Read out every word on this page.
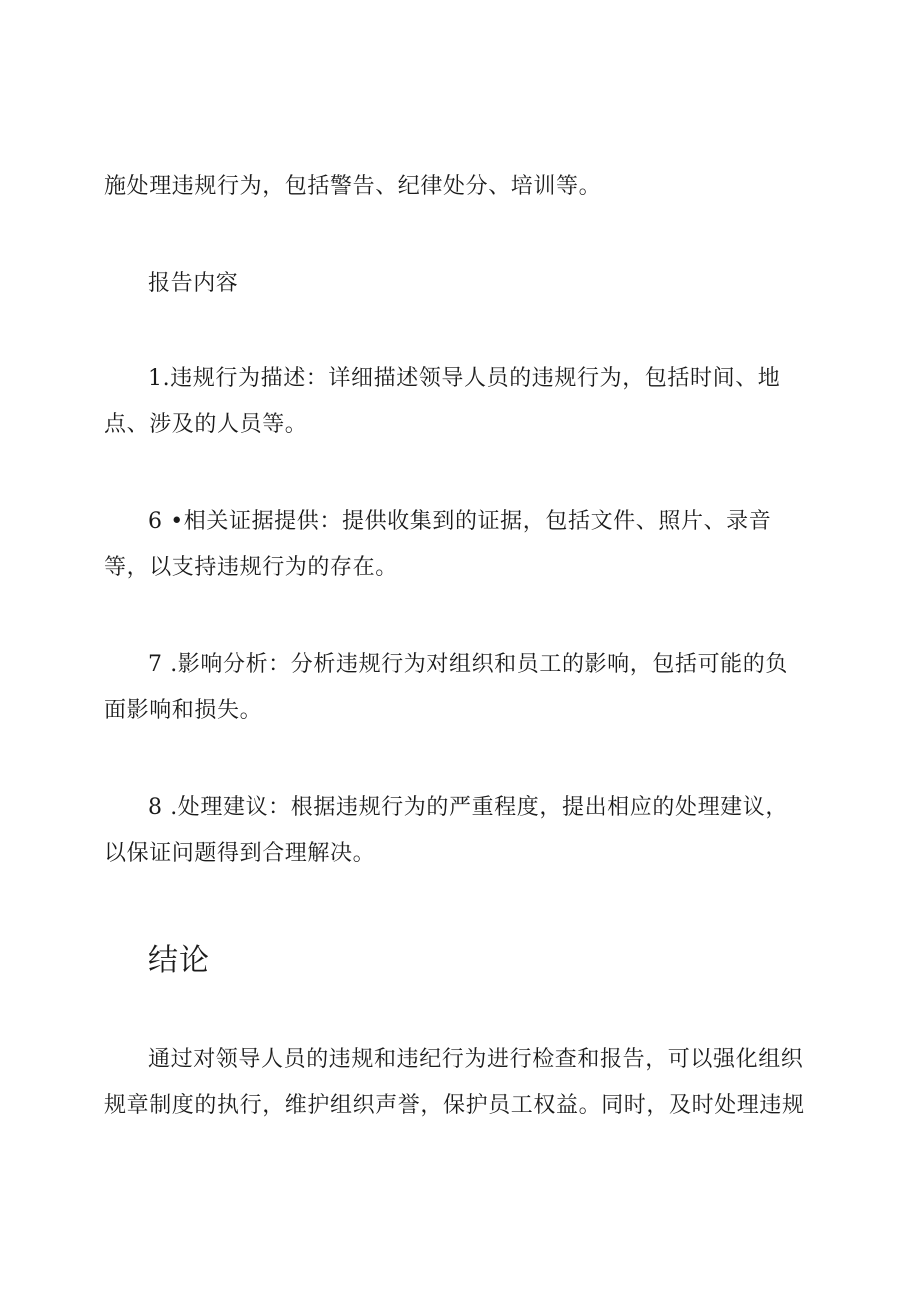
施处理违规行为，包括警告、纪律处分、培训等。
报告内容
1.违规行为描述：详细描述领导人员的违规行为，包括时间、地
点、涉及的人员等。
6 •相关证据提供：提供收集到的证据，包括文件、照片、录音
等，以支持违规行为的存在。
7 .影响分析：分析违规行为对组织和员工的影响，包括可能的负
面影响和损失。
8 .处理建议：根据违规行为的严重程度，提出相应的处理建议，
以保证问题得到合理解决。
结论
通过对领导人员的违规和违纪行为进行检查和报告，可以强化组织
规章制度的执行，维护组织声誉，保护员工权益。同时，及时处理违规
